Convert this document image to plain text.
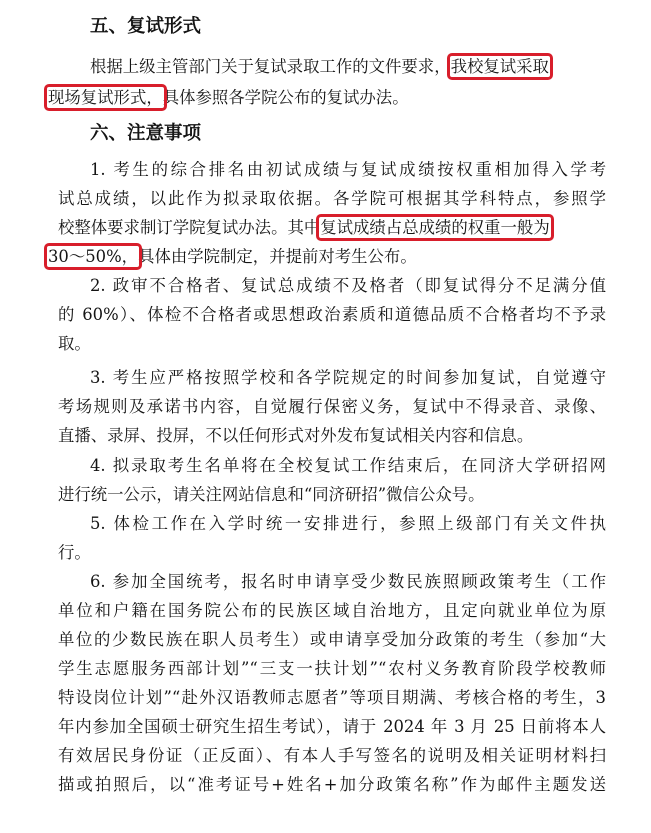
五、复试形式

根据上级主管部门关于复试录取工作的文件要求，我校复试采取

现场复试形式，具体参照各学院公布的复试办法。

六、注意事项

1. 考生的综合排名由初试成绩与复试成绩按权重相加得入学考

试总成绩，以此作为拟录取依据。各学院可根据其学科特点，参照学

校整体要求制订学院复试办法。其中复试成绩占总成绩的权重一般为

30～50%，具体由学院制定，并提前对考生公布。

2. 政审不合格者、复试总成绩不及格者（即复试得分不足满分值

的 60%）、体检不合格者或思想政治素质和道德品质不合格者均不予录

取。

3. 考生应严格按照学校和各学院规定的时间参加复试，自觉遵守

考场规则及承诺书内容，自觉履行保密义务，复试中不得录音、录像、

直播、录屏、投屏，不以任何形式对外发布复试相关内容和信息。

4. 拟录取考生名单将在全校复试工作结束后，在同济大学研招网

进行统一公示，请关注网站信息和“同济研招”微信公众号。

5. 体检工作在入学时统一安排进行，参照上级部门有关文件执

行。

6. 参加全国统考，报名时申请享受少数民族照顾政策考生（工作

单位和户籍在国务院公布的民族区域自治地方，且定向就业单位为原

单位的少数民族在职人员考生）或申请享受加分政策的考生（参加“大

学生志愿服务西部计划”“三支一扶计划”“农村义务教育阶段学校教师

特设岗位计划”“赴外汉语教师志愿者”等项目期满、考核合格的考生，3

年内参加全国硕士研究生招生考试），请于 2024 年 3 月 25 日前将本人

有效居民身份证（正反面）、有本人手写签名的说明及相关证明材料扫

描或拍照后，以“准考证号+姓名+加分政策名称”作为邮件主题发送
